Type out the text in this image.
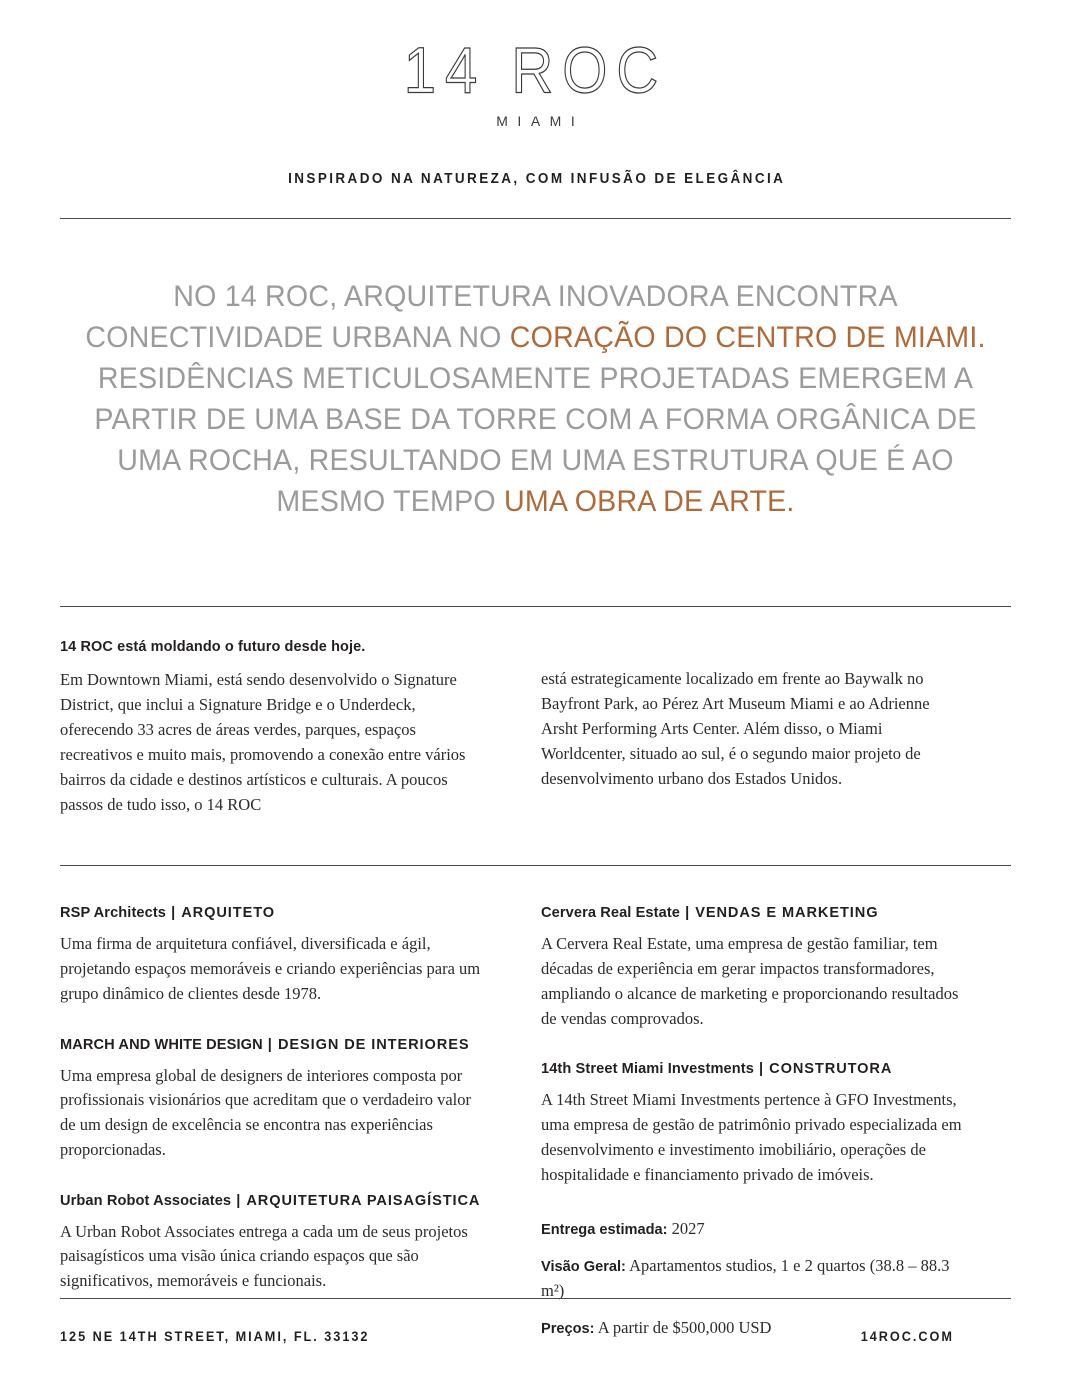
14 ROC
MIAMI
INSPIRADO NA NATUREZA, COM INFUSÃO DE ELEGÂNCIA
NO 14 ROC, ARQUITETURA INOVADORA ENCONTRA CONECTIVIDADE URBANA NO CORAÇÃO DO CENTRO DE MIAMI. RESIDÊNCIAS METICULOSAMENTE PROJETADAS EMERGEM A PARTIR DE UMA BASE DA TORRE COM A FORMA ORGÂNICA DE UMA ROCHA, RESULTANDO EM UMA ESTRUTURA QUE É AO MESMO TEMPO UMA OBRA DE ARTE.

14 ROC está moldando o futuro desde hoje.

Em Downtown Miami, está sendo desenvolvido o Signature District, que inclui a Signature Bridge e o Underdeck, oferecendo 33 acres de áreas verdes, parques, espaços recreativos e muito mais, promovendo a conexão entre vários bairros da cidade e destinos artísticos e culturais. A poucos passos de tudo isso, o 14 ROC

está estrategicamente localizado em frente ao Baywalk no Bayfront Park, ao Pérez Art Museum Miami e ao Adrienne Arsht Performing Arts Center. Além disso, o Miami Worldcenter, situado ao sul, é o segundo maior projeto de desenvolvimento urbano dos Estados Unidos.

RSP Architects | ARQUITETO

Uma firma de arquitetura confiável, diversificada e ágil, projetando espaços memoráveis e criando experiências para um grupo dinâmico de clientes desde 1978.

MARCH AND WHITE DESIGN | DESIGN DE INTERIORES

Uma empresa global de designers de interiores composta por profissionais visionários que acreditam que o verdadeiro valor de um design de excelência se encontra nas experiências proporcionadas.

Urban Robot Associates | ARQUITETURA PAISAGÍSTICA

A Urban Robot Associates entrega a cada um de seus projetos paisagísticos uma visão única criando espaços que são significativos, memoráveis e funcionais.

Cervera Real Estate | VENDAS E MARKETING

A Cervera Real Estate, uma empresa de gestão familiar, tem décadas de experiência em gerar impactos transformadores, ampliando o alcance de marketing e proporcionando resultados de vendas comprovados.

14th Street Miami Investments | CONSTRUTORA

A 14th Street Miami Investments pertence à GFO Investments, uma empresa de gestão de patrimônio privado especializada em desenvolvimento e investimento imobiliário, operações de hospitalidade e financiamento privado de imóveis.

Entrega estimada: 2027

Visão Geral: Apartamentos studios, 1 e 2 quartos (38.8 – 88.3 m²)

Preços: A partir de $500,000 USD

125 NE 14TH STREET, MIAMI, FL. 33132	14ROC.COM
